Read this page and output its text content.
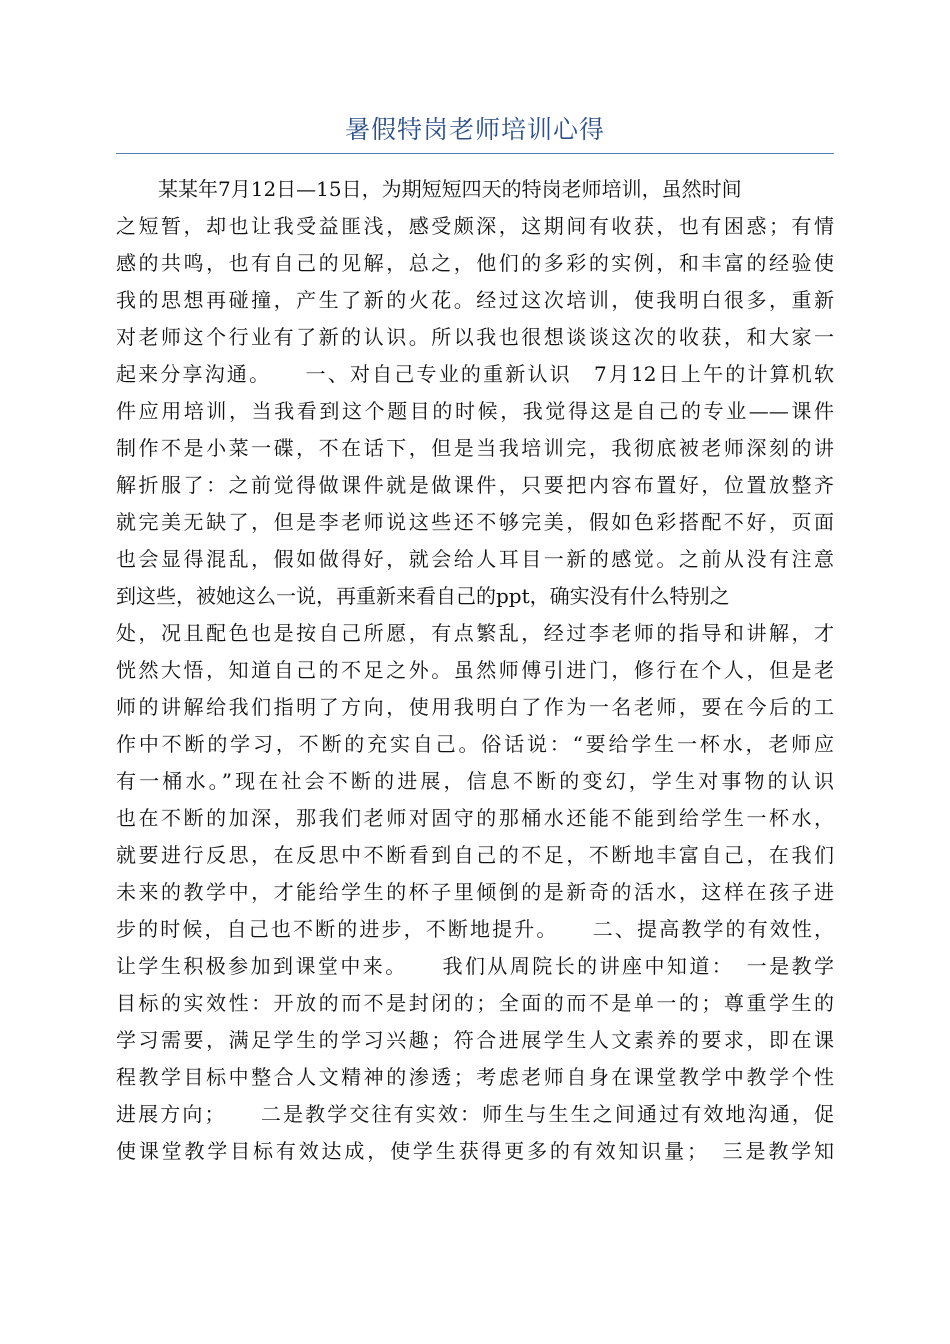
暑假特岗老师培训心得
某某年7月12日—15日，为期短短四天的特岗老师培训，虽然时间
之短暂，却也让我受益匪浅，感受颇深，这期间有收获，也有困惑；有情
感的共鸣，也有自己的见解，总之，他们的多彩的实例，和丰富的经验使
我的思想再碰撞，产生了新的火花。经过这次培训，使我明白很多，重新
对老师这个行业有了新的认识。所以我也很想谈谈这次的收获，和大家一
起来分享沟通。　　一、对自己专业的重新认识　7月12日上午的计算机软
件应用培训，当我看到这个题目的时候，我觉得这是自己的专业——课件
制作不是小菜一碟，不在话下，但是当我培训完，我彻底被老师深刻的讲
解折服了：之前觉得做课件就是做课件，只要把内容布置好，位置放整齐
就完美无缺了，但是李老师说这些还不够完美，假如色彩搭配不好，页面
也会显得混乱，假如做得好，就会给人耳目一新的感觉。之前从没有注意
到这些，被她这么一说，再重新来看自己的ppt，确实没有什么特别之
处，况且配色也是按自己所愿，有点繁乱，经过李老师的指导和讲解，才
恍然大悟，知道自己的不足之外。虽然师傅引进门，修行在个人，但是老
师的讲解给我们指明了方向，使用我明白了作为一名老师，要在今后的工
作中不断的学习，不断的充实自己。俗话说：“要给学生一杯水，老师应
有一桶水。”现在社会不断的进展，信息不断的变幻，学生对事物的认识
也在不断的加深，那我们老师对固守的那桶水还能不能到给学生一杯水，
就要进行反思，在反思中不断看到自己的不足，不断地丰富自己，在我们
未来的教学中，才能给学生的杯子里倾倒的是新奇的活水，这样在孩子进
步的时候，自己也不断的进步，不断地提升。　　二、提高教学的有效性，
让学生积极参加到课堂中来。　　我们从周院长的讲座中知道：　一是教学
目标的实效性：开放的而不是封闭的；全面的而不是单一的；尊重学生的
学习需要，满足学生的学习兴趣；符合进展学生人文素养的要求，即在课
程教学目标中整合人文精神的渗透；考虑老师自身在课堂教学中教学个性
进展方向；　　二是教学交往有实效：师生与生生之间通过有效地沟通，促
使课堂教学目标有效达成，使学生获得更多的有效知识量；　三是教学知
